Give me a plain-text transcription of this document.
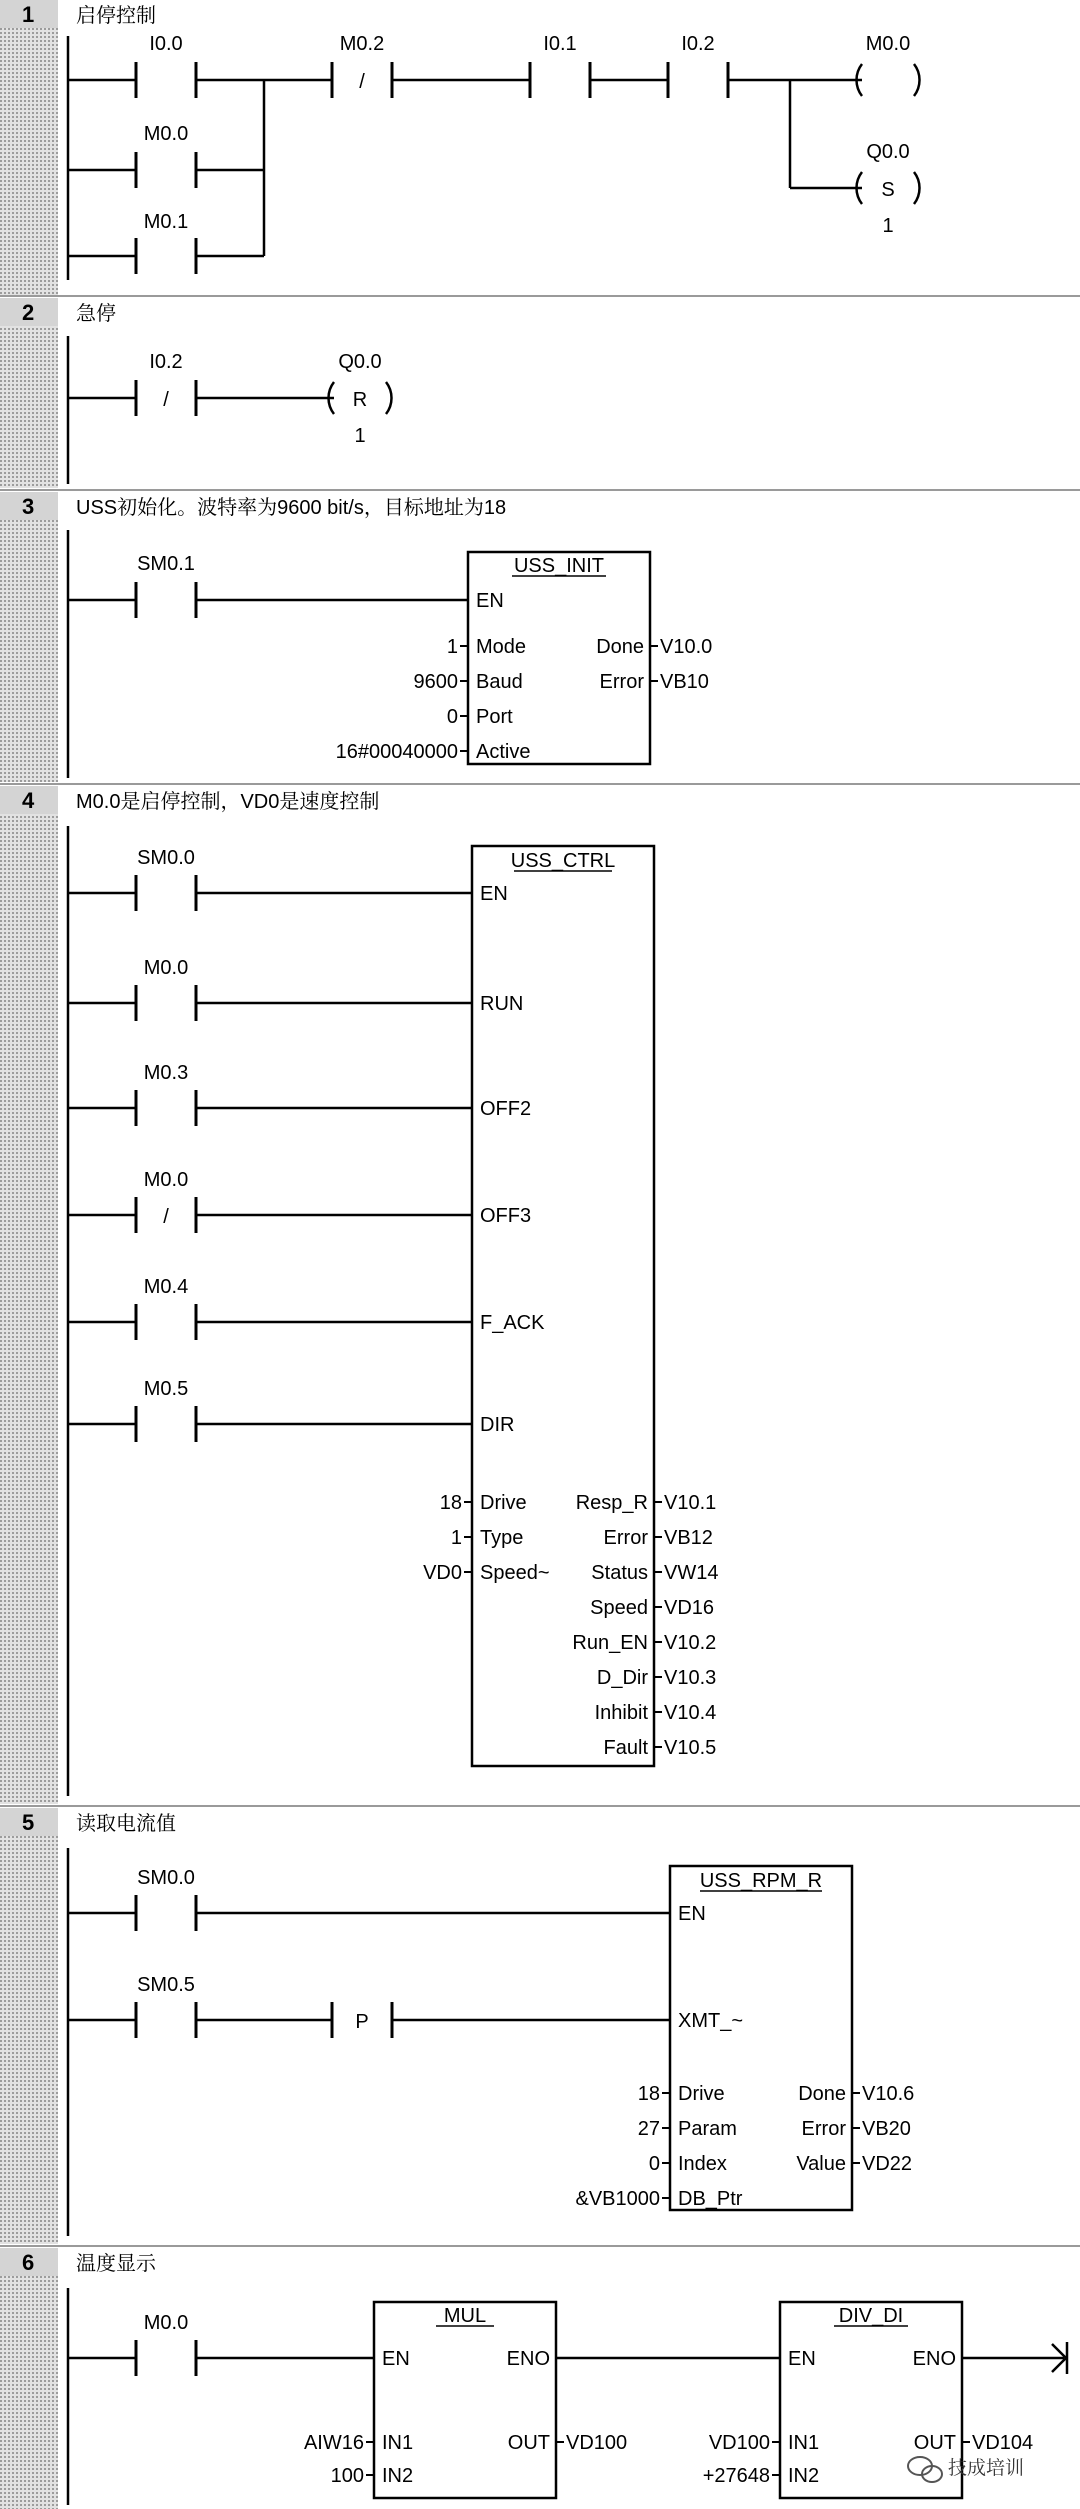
1 启停控制
I0.0
M0.0
M0.1
M0.2
/
I0.1	I0.2	M0.0
Q0.0
S
1
2 急停
I0.2
/
Q0.0
R
1
3 USS初始化。波特率为9600 bit/s，目标地址为18
SM0.1	USS_INIT
EN
1 Mode
9600 Baud
0 Port
16#00040000 Active
Done V10.0
Error VB10
4 M0.0是启停控制，VD0是速度控制
SM0.0
M0.0
M0.3
M0.0
/
M0.4
M0.5
USS_CTRL
EN
RUN
OFF2
OFF3
F_ACK
DIR
18 Drive
1 Type
VD0 Speed~
Resp_R V10.1
Error VB12
Status VW14
Speed VD16
Run_EN V10.2
D_Dir V10.3
Inhibit V10.4
Fault V10.5
5 读取电流值
SM0.0
SM0.5
P
USS_RPM_R
EN
XMT_~
18 Drive
27 Param
0 Index
&VB1000 DB_Ptr
Done V10.6
Error VB20
Value VD22
6 温度显示
M0.0	MUL
EN	ENO
AIW16 IN1
100 IN2
OUT VD100
DIV_DI
EN	ENO
VD100 IN1
+27648 IN2
OUT VD104
技成培训
